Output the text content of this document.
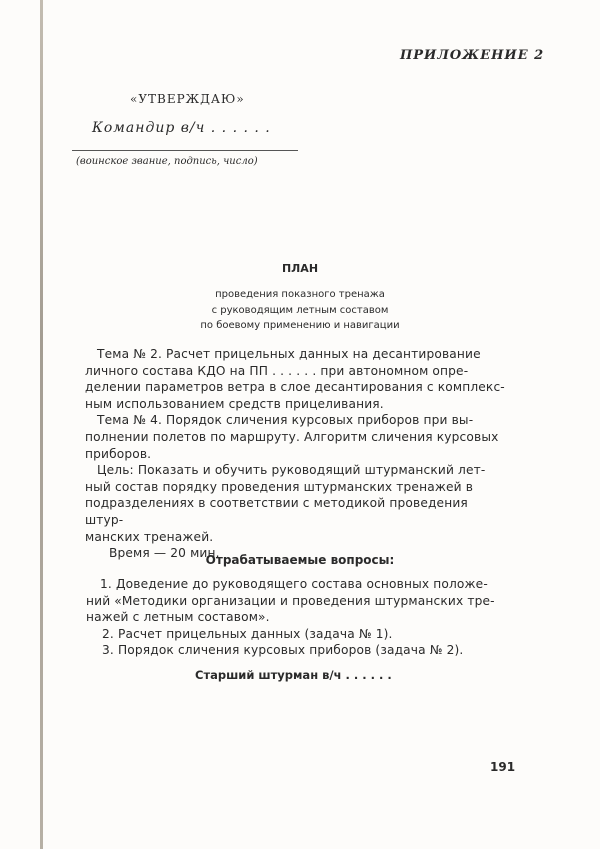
ПРИЛОЖЕНИЕ 2
«УТВЕРЖДАЮ»
Командир в/ч . . . . . .
(воинское звание, подпись, число)
ПЛАН
проведения показного тренажа
с руководящим летным составом
по боевому применению и навигации

Тема № 2. Расчет прицельных данных на десантирование

личного состава КДО на ПП . . . . . . при автономном опре-

делении параметров ветра в слое десантирования с комплекс-

ным использованием средств прицеливания.

Тема № 4. Порядок сличения курсовых приборов при вы-

полнении полетов по маршруту. Алгоритм сличения курсовых

приборов.

Цель: Показать и обучить руководящий штурманский лет-

ный состав порядку проведения штурманских тренажей в

подразделениях в соответствии с методикой проведения штур-

манских тренажей.

Время — 20 мин.

Отрабатываемые вопросы:

1. Доведение до руководящего состава основных положе-

ний «Методики организации и проведения штурманских тре-

нажей с летным составом».

2. Расчет прицельных данных (задача № 1).

3. Порядок сличения курсовых приборов (задача № 2).

Старший штурман в/ч . . . . . .
191
